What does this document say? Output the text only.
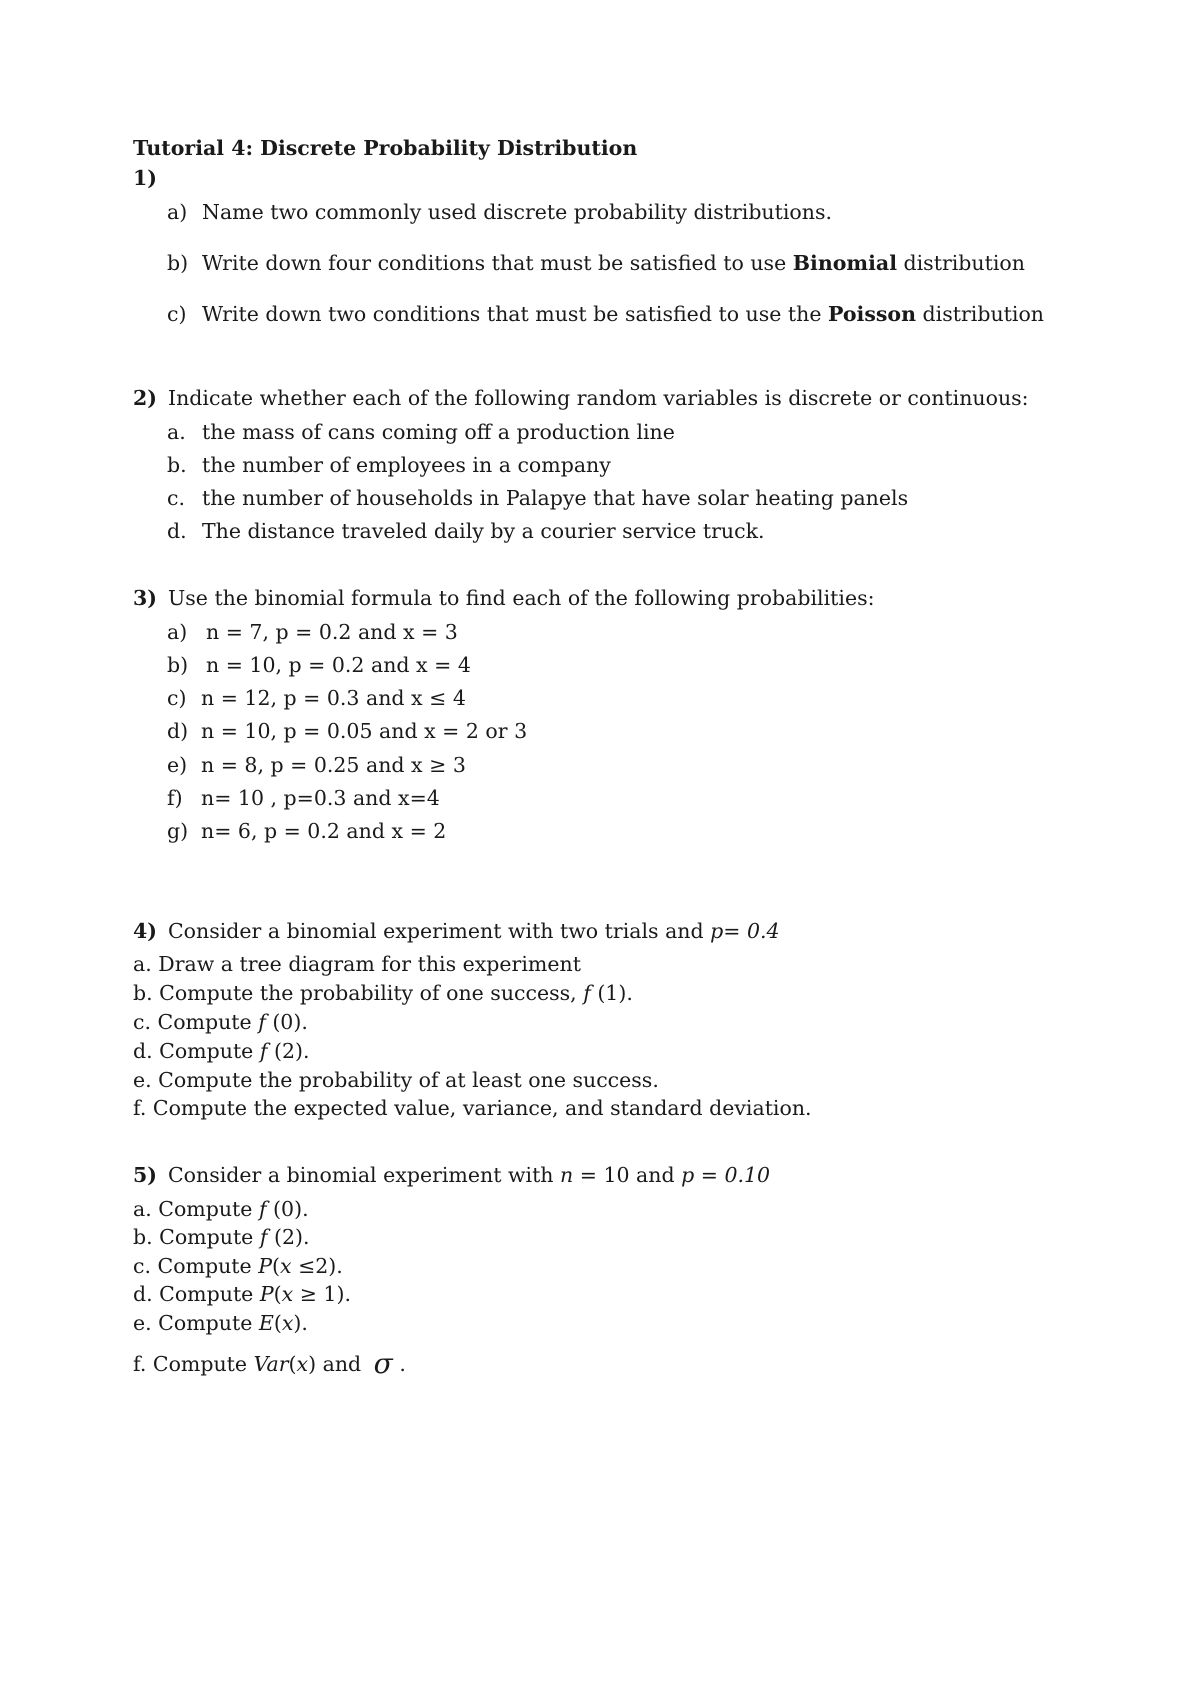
Tutorial 4: Discrete Probability Distribution
1)
a) Name two commonly used discrete probability distributions.
b) Write down four conditions that must be satisfied to use Binomial distribution
c) Write down two conditions that must be satisfied to use the Poisson distribution
2) Indicate whether each of the following random variables is discrete or continuous:
a. the mass of cans coming off a production line
b. the number of employees in a company
c. the number of households in Palapye that have solar heating panels
d. The distance traveled daily by a courier service truck.
3) Use the binomial formula to find each of the following probabilities:
a) n = 7, p = 0.2 and x = 3
b) n = 10, p = 0.2 and x = 4
c) n = 12, p = 0.3 and x ≤ 4
d) n = 10, p = 0.05 and x = 2 or 3
e) n = 8, p = 0.25 and x ≥ 3
f) n= 10 , p=0.3 and x=4
g) n= 6, p = 0.2 and x = 2
4) Consider a binomial experiment with two trials and p= 0.4
a. Draw a tree diagram for this experiment
b. Compute the probability of one success, f (1).
c. Compute f (0).
d. Compute f (2).
e. Compute the probability of at least one success.
f. Compute the expected value, variance, and standard deviation.
5) Consider a binomial experiment with n = 10 and p = 0.10
a. Compute f (0).
b. Compute f (2).
c. Compute P(x ≤2).
d. Compute P(x ≥ 1).
e. Compute E(x).
f. Compute Var(x) and σ .
